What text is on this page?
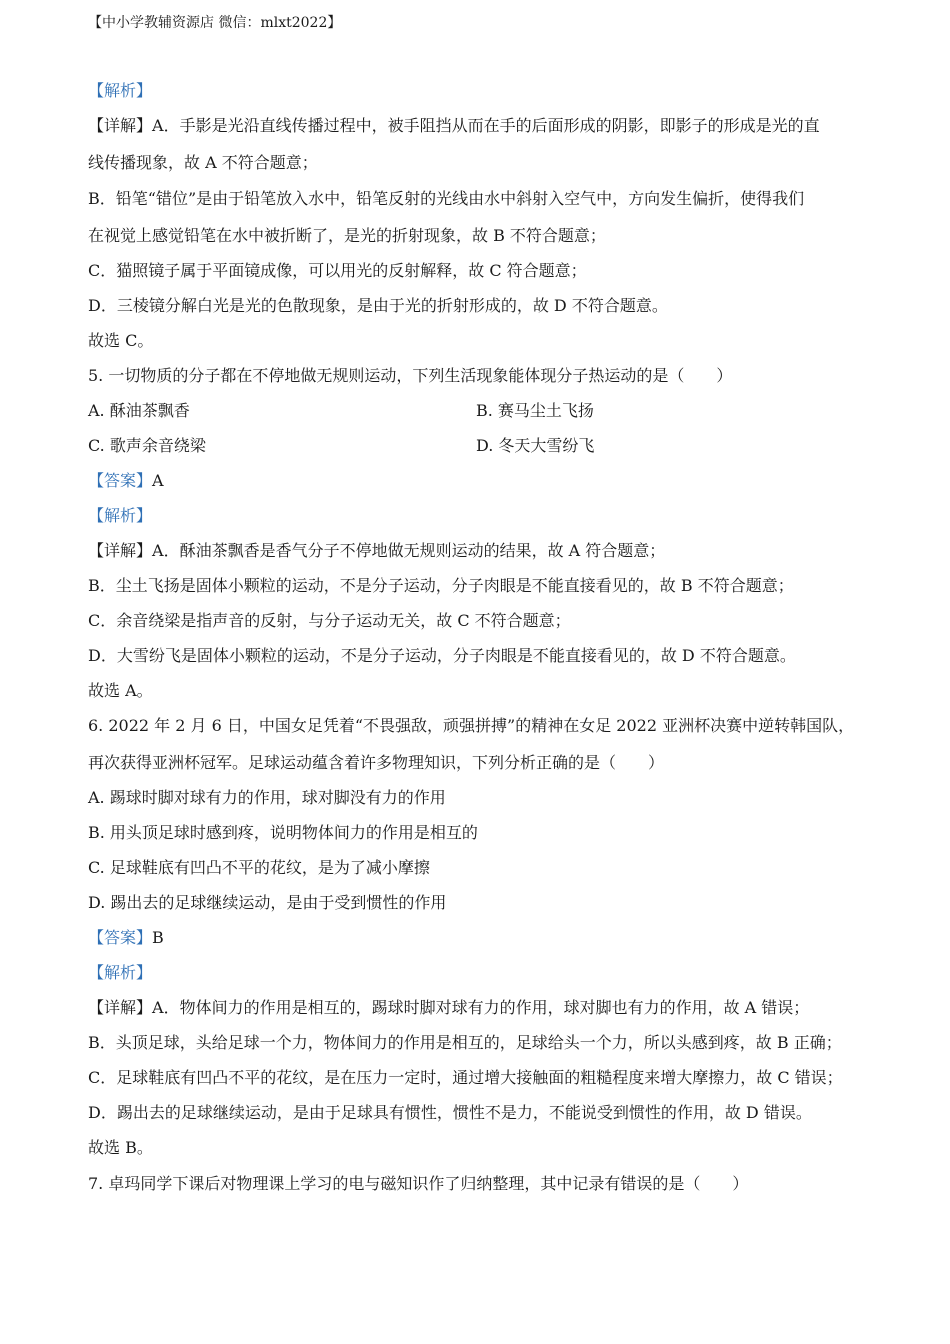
【中小学教辅资源店 微信：mlxt2022】
【解析】
【详解】A．手影是光沿直线传播过程中，被手阻挡从而在手的后面形成的阴影，即影子的形成是光的直
线传播现象，故 A 不符合题意；
B．铅笔“错位”是由于铅笔放入水中，铅笔反射的光线由水中斜射入空气中，方向发生偏折，使得我们
在视觉上感觉铅笔在水中被折断了，是光的折射现象，故 B 不符合题意；
C．猫照镜子属于平面镜成像，可以用光的反射解释，故 C 符合题意；
D．三棱镜分解白光是光的色散现象，是由于光的折射形成的，故 D 不符合题意。
故选 C。
5. 一切物质的分子都在不停地做无规则运动，下列生活现象能体现分子热运动的是（　　）
A. 酥油茶飘香	B. 赛马尘土飞扬
C. 歌声余音绕梁	D. 冬天大雪纷飞
【答案】A
【解析】
【详解】A．酥油茶飘香是香气分子不停地做无规则运动的结果，故 A 符合题意；
B．尘土飞扬是固体小颗粒的运动，不是分子运动，分子肉眼是不能直接看见的，故 B 不符合题意；
C．余音绕梁是指声音的反射，与分子运动无关，故 C 不符合题意；
D．大雪纷飞是固体小颗粒的运动，不是分子运动，分子肉眼是不能直接看见的，故 D 不符合题意。
故选 A。
6. 2022 年 2 月 6 日，中国女足凭着“不畏强敌，顽强拼搏”的精神在女足 2022 亚洲杯决赛中逆转韩国队，
再次获得亚洲杯冠军。足球运动蕴含着许多物理知识，下列分析正确的是（　　）
A. 踢球时脚对球有力的作用，球对脚没有力的作用
B. 用头顶足球时感到疼，说明物体间力的作用是相互的
C. 足球鞋底有凹凸不平的花纹，是为了减小摩擦
D. 踢出去的足球继续运动，是由于受到惯性的作用
【答案】B
【解析】
【详解】A．物体间力的作用是相互的，踢球时脚对球有力的作用，球对脚也有力的作用，故 A 错误；
B．头顶足球，头给足球一个力，物体间力的作用是相互的，足球给头一个力，所以头感到疼，故 B 正确；
C．足球鞋底有凹凸不平的花纹，是在压力一定时，通过增大接触面的粗糙程度来增大摩擦力，故 C 错误；
D．踢出去的足球继续运动，是由于足球具有惯性，惯性不是力，不能说受到惯性的作用，故 D 错误。
故选 B。
7. 卓玛同学下课后对物理课上学习的电与磁知识作了归纳整理，其中记录有错误的是（　　）
